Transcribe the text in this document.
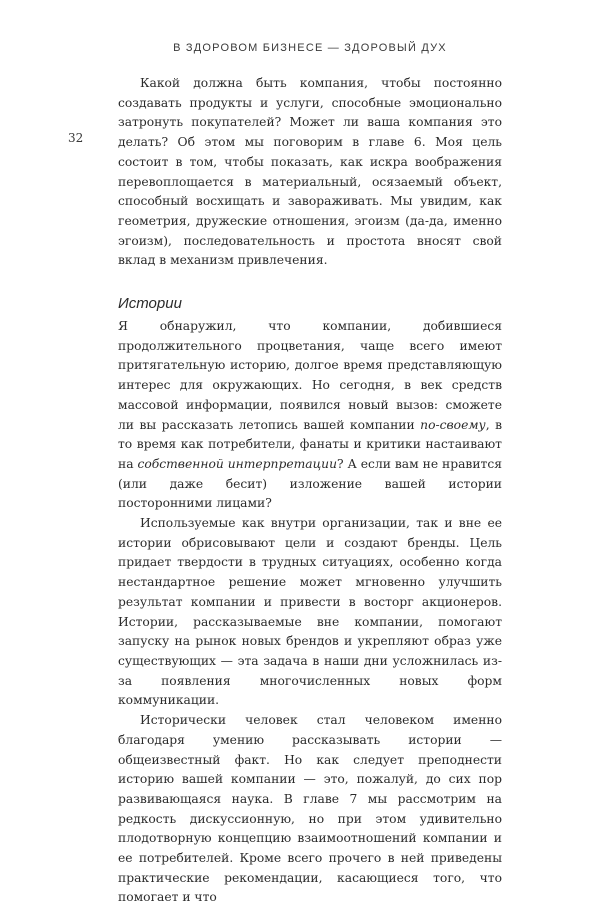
В ЗДОРОВОМ БИЗНЕСЕ — ЗДОРОВЫЙ ДУХ
32

Какой должна быть компания, чтобы постоянно создавать продукты и услуги, способные эмоционально затронуть покупателей? Может ли ваша компания это делать? Об этом мы поговорим в главе 6. Моя цель состоит в том, чтобы показать, как искра воображения перевоплощается в материальный, осязаемый объект, способный восхищать и завораживать. Мы увидим, как геометрия, дружеские отношения, эгоизм (да-да, именно эгоизм), последовательность и простота вносят свой вклад в механизм привлечения.

Истории

Я обнаружил, что компании, добившиеся продолжительного процветания, чаще всего имеют притягательную историю, долгое время представляющую интерес для окружающих. Но сегодня, в век средств массовой информации, появился новый вызов: сможете ли вы рассказать летопись вашей компании по-своему, в то время как потребители, фанаты и критики настаивают на собственной интерпретации? А если вам не нравится (или даже бесит) изложение вашей истории посторонними лицами?

Используемые как внутри организации, так и вне ее истории обрисовывают цели и создают бренды. Цель придает твердости в трудных ситуациях, особенно когда нестандартное решение может мгновенно улучшить результат компании и привести в восторг акционеров. Истории, рассказываемые вне компании, помогают запуску на рынок новых брендов и укрепляют образ уже существующих — эта задача в наши дни усложнилась из-за появления многочисленных новых форм коммуникации.

Исторически человек стал человеком именно благодаря умению рассказывать истории — общеизвестный факт. Но как следует преподнести историю вашей компании — это, пожалуй, до сих пор развивающаяся наука. В главе 7 мы рассмотрим на редкость дискуссионную, но при этом удивительно плодотворную концепцию взаимоотношений компании и ее потребителей. Кроме всего прочего в ней приведены практические рекомендации, касающиеся того, что помогает и что
